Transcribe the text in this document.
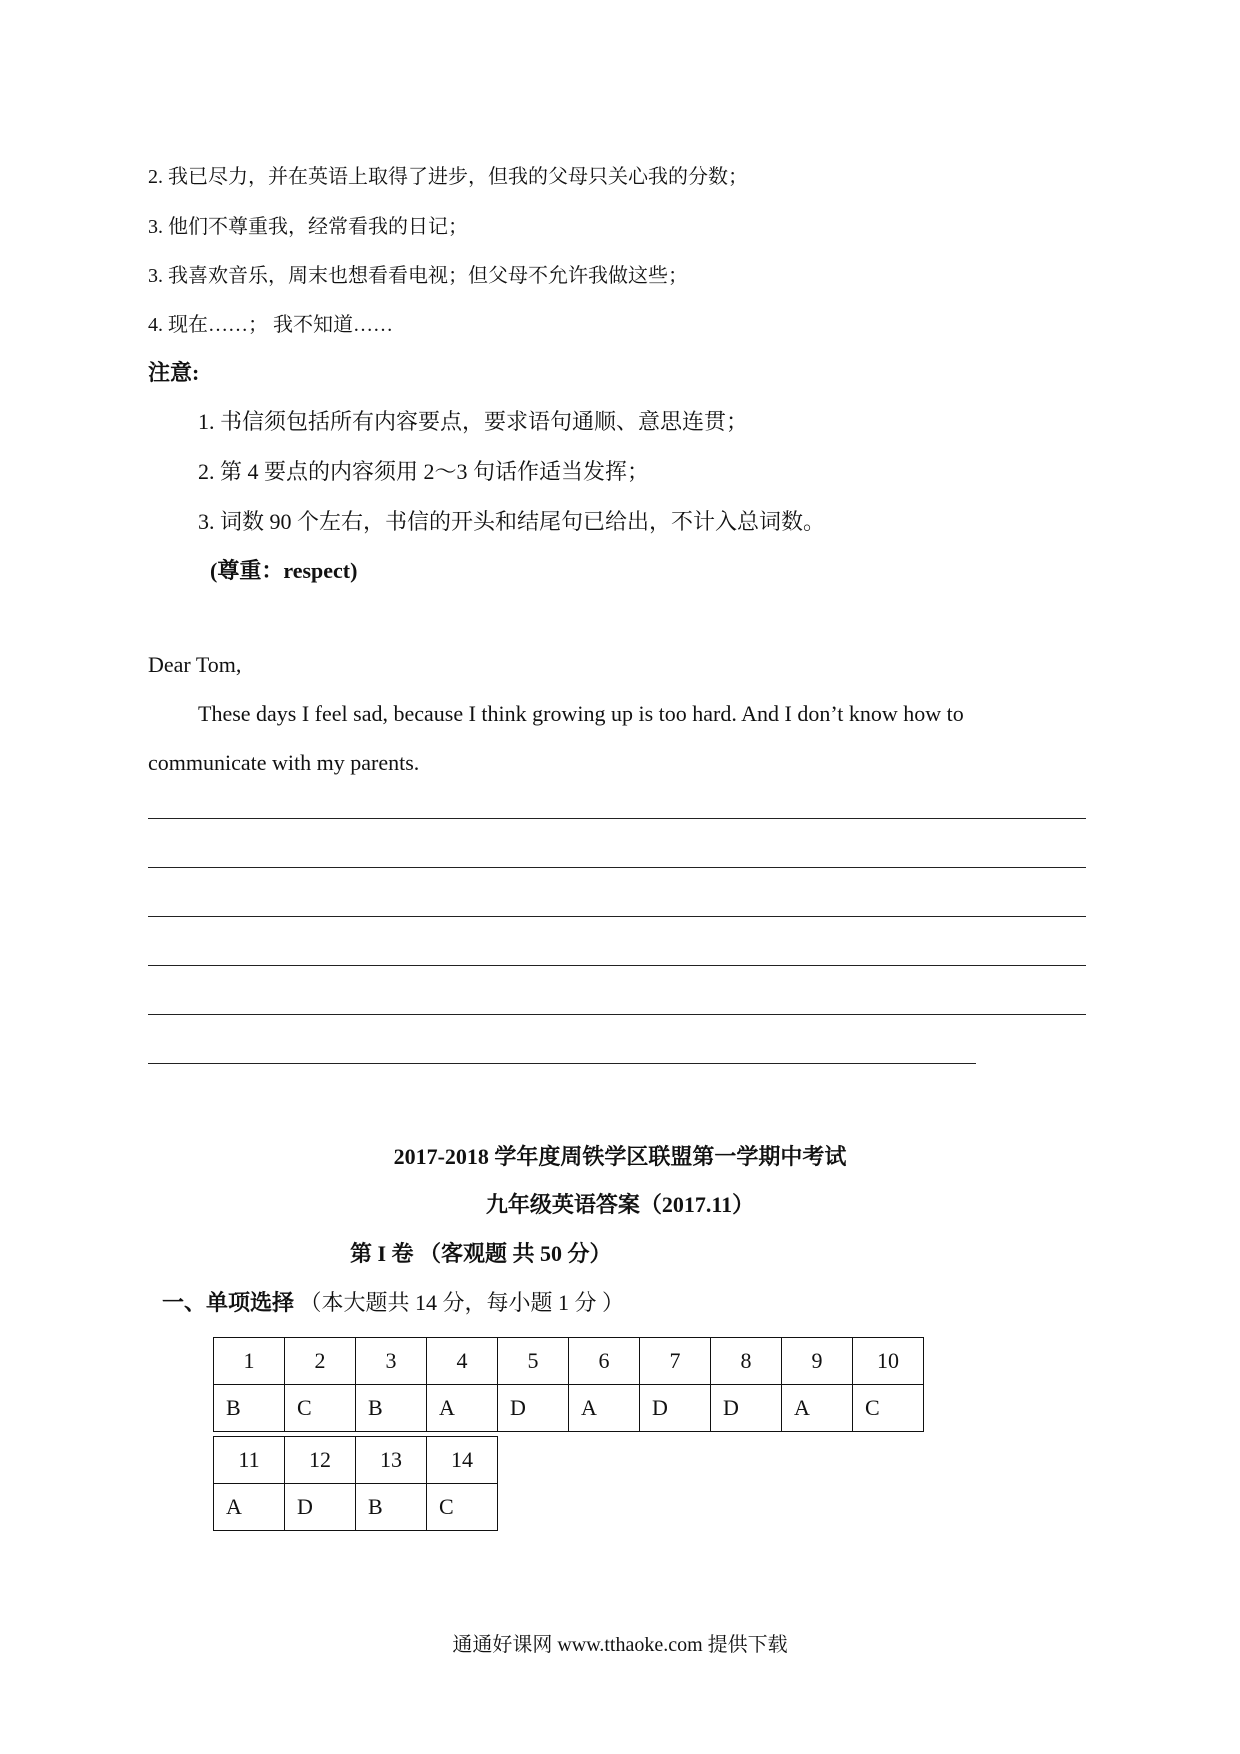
2. 我已尽力，并在英语上取得了进步，但我的父母只关心我的分数；
3. 他们不尊重我，经常看我的日记；
3. 我喜欢音乐，周末也想看看电视；但父母不允许我做这些；
4. 现在……； 我不知道……
注意:
1. 书信须包括所有内容要点，要求语句通顺、意思连贯；
2. 第 4 要点的内容须用 2～3 句话作适当发挥；
3. 词数 90 个左右，书信的开头和结尾句已给出，不计入总词数。
(尊重：respect)
Dear Tom,
These days I feel sad, because I think growing up is too hard. And I don’t know how to
communicate with my parents.
2017-2018 学年度周铁学区联盟第一学期中考试
九年级英语答案（2017.11）
第 I 卷 （客观题 共 50 分）
一、单项选择 （本大题共 14 分，每小题 1 分 ）
1	2	3	4	5	6	7	8	9	10
B	C	B	A	D	A	D	D	A	C
11	12	13	14
A	D	B	C
通通好课网 www.tthaoke.com 提供下载
